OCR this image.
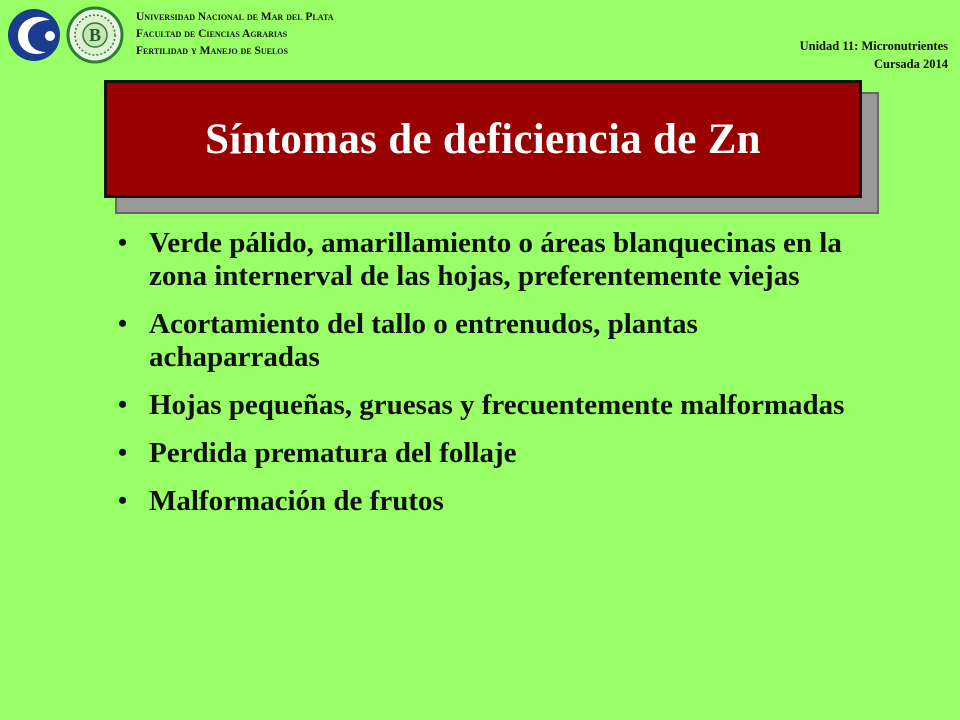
B
Universidad Nacional de Mar del Plata
Facultad de Ciencias Agrarias
Fertilidad y Manejo de Suelos	Unidad 11: Micronutrientes
Cursada 2014
Síntomas de deficiencia de Zn
• Verde pálido, amarillamiento o áreas blanquecinas en la zona internerval de las hojas, preferentemente viejas
• Acortamiento del tallo o entrenudos, plantas achaparradas
• Hojas pequeñas, gruesas y frecuentemente malformadas
• Perdida prematura del follaje
• Malformación de frutos
